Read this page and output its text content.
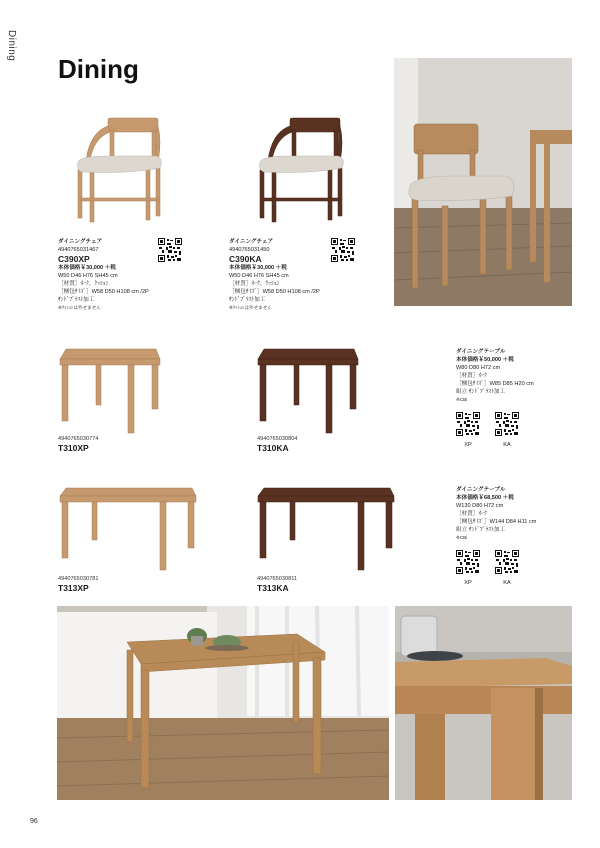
Dining
Dining
ダイニングチェア
4940765031467
C390XP
本体価格￥30,000 ＋税
W50 D46 H76 SH45 cm
［材質］ｵｰｸ、ｸｯｼｮﾝ
［梱包ｻｲｽﾞ］W58 D50 H108 cm /2P
ｻﾝﾄﾞﾌﾞﾗｽﾄ加工
※ｸｯｼｮﾝは外せません
ダイニングチェア
4940765031450
C390KA
本体価格￥30,000 ＋税
W50 D46 H76 SH45 cm
［材質］ｵｰｸ、ｸｯｼｮﾝ
［梱包ｻｲｽﾞ］W58 D50 H108 cm /2P
ｻﾝﾄﾞﾌﾞﾗｽﾄ加工
※ｸｯｼｮﾝは外せません
4940765030774
T310XP
4940765030804
T310KA
ダイニングテーブル
本体価格￥50,000 ＋税
W80 D80 H72 cm
［材質］ｵｰｸ
［梱包ｻｲｽﾞ］W85 D85 H20 cm
組立 ｻﾝﾄﾞﾌﾞﾗｽﾄ加工
※CBi
XP	KA
4940765030781
T313XP
4940765030811
T313KA
ダイニングテーブル
本体価格￥68,500 ＋税
W130 D80 H72 cm
［材質］ｵｰｸ
［梱包ｻｲｽﾞ］W144 D84 H11 cm
組立 ｻﾝﾄﾞﾌﾞﾗｽﾄ加工
※CBi
XP	KA
96
